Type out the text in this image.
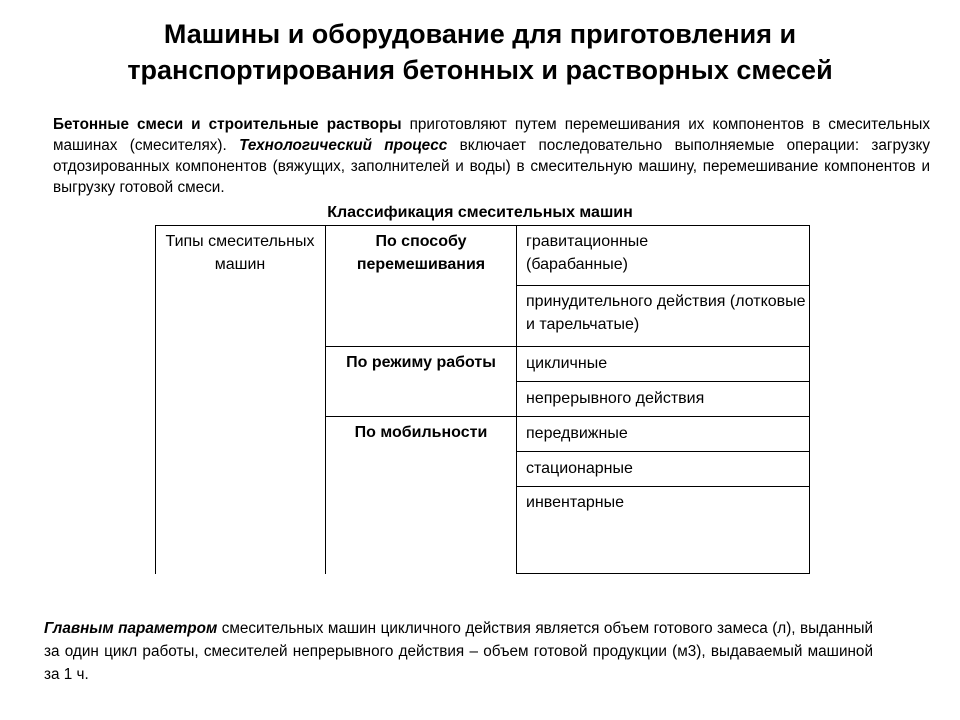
Машины и оборудование для приготовления и
транспортирования бетонных и растворных смесей
Бетонные смеси и строительные растворы приготовляют путем перемешивания их компонентов в смесительных машинах (смесителях). Технологический процесс включает последовательно выполняемые операции: загрузку отдозированных компонентов (вяжущих, заполнителей и воды) в смесительную машину, перемешивание компонентов и выгрузку готовой смеси.
Классификация смесительных машин
Типы смесительных машин
По способу перемешивания
По режиму работы
По мобильности
гравитационные (барабанные)
принудительного действия (лотковые и тарельчатые)
цикличные
непрерывного действия
передвижные
стационарные
инвентарные
Главным параметром смесительных машин цикличного действия является объем готового замеса (л), выданный за один цикл работы, смесителей непрерывного действия – объем готовой продукции (м3), выдаваемый машиной за 1 ч.
